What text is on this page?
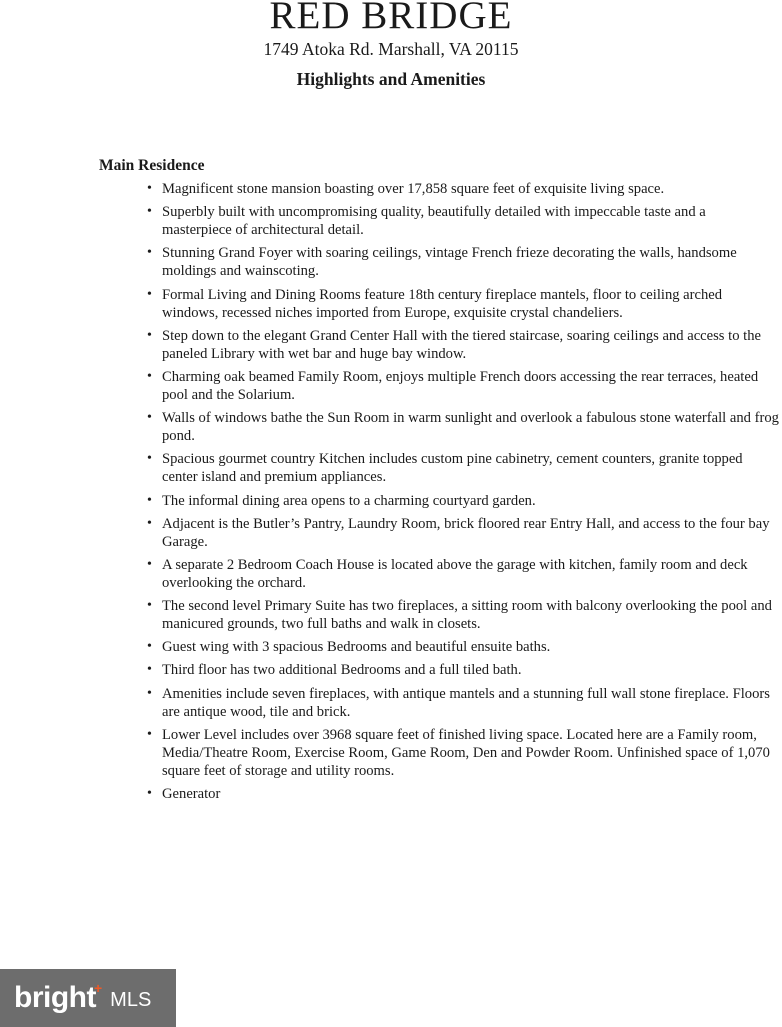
RED BRIDGE
1749 Atoka Rd. Marshall, VA 20115
Highlights and Amenities
Main Residence
• Magnificent stone mansion boasting over 17,858 square feet of exquisite living space.
• Superbly built with uncompromising quality, beautifully detailed with impeccable taste and a masterpiece of architectural detail.
• Stunning Grand Foyer with soaring ceilings, vintage French frieze decorating the walls, handsome moldings and wainscoting.
• Formal Living and Dining Rooms feature 18th century fireplace mantels, floor to ceiling arched windows, recessed niches imported from Europe, exquisite crystal chandeliers.
• Step down to the elegant Grand Center Hall with the tiered staircase, soaring ceilings and access to the paneled Library with wet bar and huge bay window.
• Charming oak beamed Family Room, enjoys multiple French doors accessing the rear terraces, heated pool and the Solarium.
• Walls of windows bathe the Sun Room in warm sunlight and overlook a fabulous stone waterfall and frog pond.
• Spacious gourmet country Kitchen includes custom pine cabinetry, cement counters, granite topped center island and premium appliances.
• The informal dining area opens to a charming courtyard garden.
• Adjacent is the Butler’s Pantry, Laundry Room, brick floored rear Entry Hall, and access to the four bay Garage.
• A separate 2 Bedroom Coach House is located above the garage with kitchen, family room and deck overlooking the orchard.
• The second level Primary Suite has two fireplaces, a sitting room with balcony overlooking the pool and manicured grounds, two full baths and walk in closets.
• Guest wing with 3 spacious Bedrooms and beautiful ensuite baths.
• Third floor has two additional Bedrooms and a full tiled bath.
• Amenities include seven fireplaces, with antique mantels and a stunning full wall stone fireplace. Floors are antique wood, tile and brick.
• Lower Level includes over 3968 square feet of finished living space. Located here are a Family room, Media/Theatre Room, Exercise Room, Game Room, Den and Powder Room. Unfinished space of 1,070 square feet of storage and utility rooms.
• Generator
bright
+
MLS
